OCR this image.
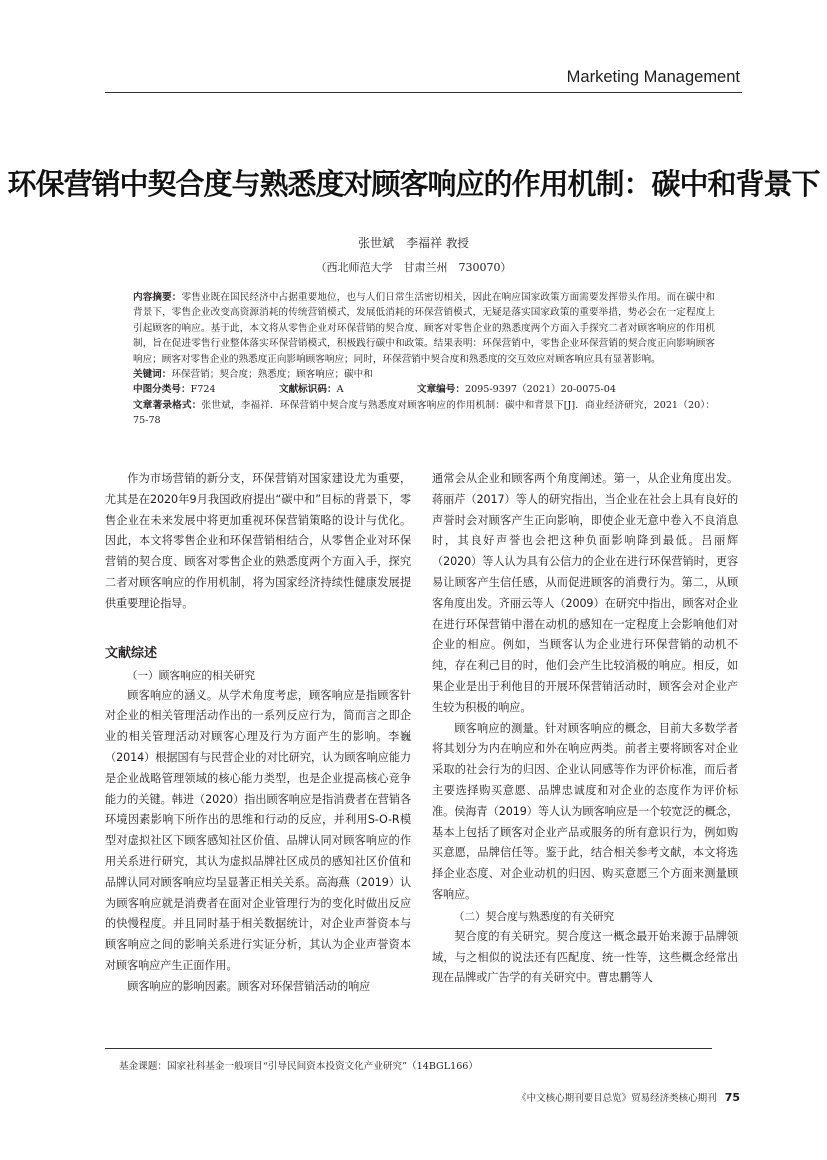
Marketing Management
环保营销中契合度与熟悉度对顾客响应的作用机制：碳中和背景下
张世斌　李福祥 教授
（西北师范大学　甘肃兰州　730070）

内容摘要：零售业既在国民经济中占据重要地位，也与人们日常生活密切相关，因此在响应国家政策方面需要发挥带头作用。而在碳中和背景下，零售企业改变高资源消耗的传统营销模式，发展低消耗的环保营销模式，无疑是落实国家政策的重要举措，势必会在一定程度上引起顾客的响应。基于此，本文将从零售企业对环保营销的契合度、顾客对零售企业的熟悉度两个方面入手探究二者对顾客响应的作用机制，旨在促进零售行业整体落实环保营销模式，积极践行碳中和政策。结果表明：环保营销中，零售企业环保营销的契合度正向影响顾客响应；顾客对零售企业的熟悉度正向影响顾客响应；同时，环保营销中契合度和熟悉度的交互效应对顾客响应具有显著影响。

关键词：环保营销；契合度；熟悉度；顾客响应；碳中和

中图分类号：F724	文献标识码：A	文章编号：2095-9397（2021）20-0075-04

文章著录格式：张世斌，李福祥．环保营销中契合度与熟悉度对顾客响应的作用机制：碳中和背景下[J]．商业经济研究，2021（20）：75-78

作为市场营销的新分支，环保营销对国家建设尤为重要，尤其是在2020年9月我国政府提出“碳中和”目标的背景下，零售企业在未来发展中将更加重视环保营销策略的设计与优化。因此，本文将零售企业和环保营销相结合，从零售企业对环保营销的契合度、顾客对零售企业的熟悉度两个方面入手，探究二者对顾客响应的作用机制，将为国家经济持续性健康发展提供重要理论指导。

文献综述

（一）顾客响应的相关研究

顾客响应的涵义。从学术角度考虑，顾客响应是指顾客针对企业的相关管理活动作出的一系列反应行为，简而言之即企业的相关管理活动对顾客心理及行为方面产生的影响。李巍（2014）根据国有与民营企业的对比研究，认为顾客响应能力是企业战略管理领域的核心能力类型，也是企业提高核心竞争能力的关键。韩进（2020）指出顾客响应是指消费者在营销各环境因素影响下所作出的思维和行动的反应，并利用S-O-R模型对虚拟社区下顾客感知社区价值、品牌认同对顾客响应的作用关系进行研究，其认为虚拟品牌社区成员的感知社区价值和品牌认同对顾客响应均呈显著正相关关系。高海燕（2019）认为顾客响应就是消费者在面对企业管理行为的变化时做出反应的快慢程度。并且同时基于相关数据统计，对企业声誉资本与顾客响应之间的影响关系进行实证分析，其认为企业声誉资本对顾客响应产生正面作用。

顾客响应的影响因素。顾客对环保营销活动的响应

通常会从企业和顾客两个角度阐述。第一，从企业角度出发。蒋丽芹（2017）等人的研究指出，当企业在社会上具有良好的声誉时会对顾客产生正向影响，即使企业无意中卷入不良消息时，其良好声誉也会把这种负面影响降到最低。吕丽辉（2020）等人认为具有公信力的企业在进行环保营销时，更容易让顾客产生信任感，从而促进顾客的消费行为。第二，从顾客角度出发。齐丽云等人（2009）在研究中指出，顾客对企业在进行环保营销中潜在动机的感知在一定程度上会影响他们对企业的相应。例如，当顾客认为企业进行环保营销的动机不纯，存在利己目的时，他们会产生比较消极的响应。相反，如果企业是出于利他目的开展环保营销活动时，顾客会对企业产生较为积极的响应。

顾客响应的测量。针对顾客响应的概念，目前大多数学者将其划分为内在响应和外在响应两类。前者主要将顾客对企业采取的社会行为的归因、企业认同感等作为评价标准，而后者主要选择购买意愿、品牌忠诚度和对企业的态度作为评价标准。侯海青（2019）等人认为顾客响应是一个较宽泛的概念，基本上包括了顾客对企业产品或服务的所有意识行为，例如购买意愿，品牌信任等。鉴于此，结合相关参考文献，本文将选择企业态度、对企业动机的归因、购买意愿三个方面来测量顾客响应。

（二）契合度与熟悉度的有关研究

契合度的有关研究。契合度这一概念最开始来源于品牌领域，与之相似的说法还有匹配度、统一性等，这些概念经常出现在品牌或广告学的有关研究中。曹忠鹏等人

基金课题：国家社科基金一般项目“引导民间资本投资文化产业研究”（14BGL166）
《中文核心期刊要目总览》贸易经济类核心期刊 75
